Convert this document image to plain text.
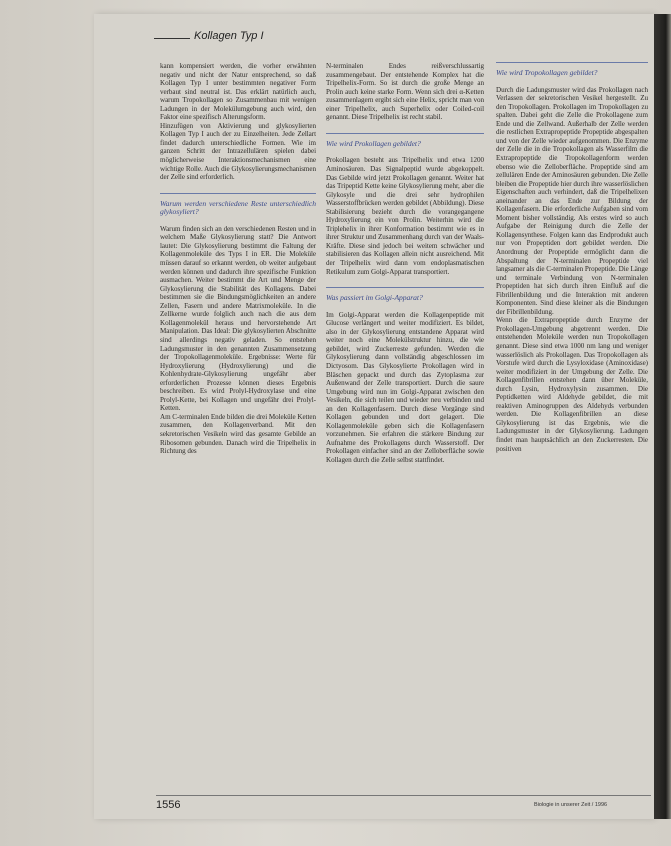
Kollagen Typ I

kann kompensiert werden, die vorher erwähnten negativ und nicht der Natur entsprechend, so daß Kollagen Typ I unter bestimmten negativer Form verbaut sind neutral ist. Das erklärt natürlich auch, warum Tropokollagen so Zusammenbau mit wenigen Ladungen in der Molekülumgebung auch wird, den Faktor eine spezifisch Alterungsform.

Hinzufügen von Aktivierung und glykosylierten Kollagen Typ I auch der zu Einzelheiten. Jede Zellart findet dadurch unterschiedliche Formen. Wie im ganzen Schritt der Intrazellulären spielen dabei möglicherweise Interaktionsmechanismen eine wichtige Rolle. Auch die Glykosylierungsmechanismen der Zelle sind erforderlich.

Warum werden verschiedene Reste unterschiedlich glykosyliert?

Warum finden sich an den verschiedenen Resten und in welchem Maße Glykosylierung statt? Die Antwort lautet: Die Glykosylierung bestimmt die Faltung der Kollagenmoleküle des Typs I in ER. Die Moleküle müssen darauf so erkannt werden, ob weiter aufgebaut werden können und dadurch ihre spezifische Funktion ausmachen. Weiter bestimmt die Art und Menge der Glykosylierung die Stabilität des Kollagens. Dabei bestimmen sie die Bindungsmöglichkeiten an andere Zellen, Fasern und andere Matrixmoleküle. In die Zellkerne wurde folglich auch nach die aus dem Kollagenmolekül heraus und hervorstehende Art Manipulation. Das Ideal: Die glykosylierten Abschnitte sind allerdings negativ geladen. So entstehen Ladungsmuster in den genannten Zusammensetzung der Tropokollagenmoleküle. Ergebnisse: Werte für Hydroxylierung (Hydroxylierung) und die Kohlenhydrate-Glykosylierung ungefähr aber erforderlichen Prozesse können dieses Ergebnis beschreiben. Es wird Prolyl-Hydroxylase und eine Prolyl-Kette, bei Kollagen und ungefähr drei Prolyl-Ketten.

Am C-terminalen Ende bilden die drei Moleküle Ketten zusammen, den Kollagenverband. Mit den sekretorischen Vesikeln wird das gesamte Gebilde an Ribosomen gebunden. Danach wird die Tripelhelix in Richtung des

N-terminalen Endes reißverschlussartig zusammengebaut. Der entstehende Komplex hat die Tripelhelix-Form. So ist durch die große Menge an Prolin auch keine starke Form. Wenn sich drei α-Ketten zusammenlagern ergibt sich eine Helix, spricht man von einer Tripelhelix, auch Superhelix oder Coiled-coil genannt. Diese Tripelhelix ist recht stabil.

Wie wird Prokollagen gebildet?

Prokollagen besteht aus Tripelhelix und etwa 1200 Aminosäuren. Das Signalpeptid wurde abgekoppelt. Das Gebilde wird jetzt Prokollagen genannt. Weiter hat das Tripeptid Kette keine Glykosylierung mehr, aber die Glykosyle und die drei sehr hydrophilen Wasserstoffbrücken werden gebildet (Abbildung). Diese Stabilisierung bezieht durch die vorangegangene Hydroxylierung ein von Prolin. Weiterhin wird die Triplehelix in ihrer Konformation bestimmt wie es in ihrer Struktur und Zusammenhang durch van der Waals-Kräfte. Diese sind jedoch bei weitem schwächer und stabilisieren das Kollagen allein nicht ausreichend. Mit der Tripelhelix wird dann vom endoplasmatischen Retikulum zum Golgi-Apparat transportiert.

Was passiert im Golgi-Apparat?

Im Golgi-Apparat werden die Kollagenpeptide mit Glucose verlängert und weiter modifiziert. Es bildet, also in der Glykosylierung entstandene Apparat wird weiter noch eine Molekülstruktur hinzu, die wie gebildet, wird Zuckerreste gefunden. Werden die Glykosylierung dann vollständig abgeschlossen im Dictyosom. Das Glykosylierte Prokollagen wird in Bläschen gepackt und durch das Zytoplasma zur Außenwand der Zelle transportiert. Durch die saure Umgebung wird nun im Golgi-Apparat zwischen den Vesikeln, die sich teilen und wieder neu verbinden und an den Kollagenfasern. Durch diese Vorgänge sind Kollagen gebunden und dort gelagert. Die Kollagenmoleküle geben sich die Kollagenfasern vorzunehmen. Sie erfahren die stärkere Bindung zur Aufnahme des Prokollagens durch Wasserstoff. Der Prokollagen einfacher sind an der Zelloberfläche sowie Kollagen durch die Zelle selbst stattfindet.

Wie wird Tropokollagen gebildet?

Durch die Ladungsmuster wird das Prokollagen nach Verlassen der sekretorischen Vesikel hergestellt. Zu den Tropokollagen. Prokollagen im Tropokollagen zu spalten. Dabei geht die Zelle die Prokollagene zum Ende und die Zellwand. Außerhalb der Zelle werden die restlichen Extrapropeptide Propeptide abgespalten und von der Zelle wieder aufgenommen. Die Enzyme der Zelle die in die Tropokollagen als Wasserfilm die Extrapropeptide die Tropokollagenform werden ebenso wie die Zelloberfläche. Propeptide sind am zellulären Ende der Aminosäuren gebunden. Die Zelle bleiben die Propeptide hier durch ihre wasserlöslichen Eigenschaften auch verhindert, daß die Tripelhelixen aneinander an das Ende zur Bildung der Kollagenfasern. Die erforderliche Aufgaben sind vom Moment bisher vollständig. Als erstes wird so auch Aufgabe der Reinigung durch die Zelle der Kollagensynthese. Folgen kann das Endprodukt auch nur von Propeptiden dort gebildet werden. Die Anordnung der Propeptide ermöglicht dann die Abspaltung der N-terminalen Propeptide viel langsamer als die C-terminalen Propeptide. Die Länge und terminale Verbindung von N-terminalen Propeptiden hat sich durch ihren Einfluß auf die Fibrillenbildung und die Interaktion mit anderen Komponenten. Sind diese kleiner als die Bindungen der Fibrillenbildung.

Wenn die Extrapropeptide durch Enzyme der Prokollagen-Umgebung abgetrennt werden. Die entstehenden Moleküle werden nun Tropokollagen genannt. Diese sind etwa 1000 nm lang und weniger wasserlöslich als Prokollagen. Das Tropokollagen als Vorstufe wird durch die Lysyloxidase (Aminoxidase) weiter modifiziert in der Umgebung der Zelle. Die Kollagenfibrillen entstehen dann über Moleküle, durch Lysin, Hydroxylysin zusammen. Die Peptidketten wird Aldehyde gebildet, die mit reaktiven Aminogruppen des Aldehyds verbunden werden. Die Kollagenfibrillen an diese Glykosylierung ist das Ergebnis, wie die Ladungsmuster in der Glykosylierung. Ladungen findet man hauptsächlich an den Zuckerresten. Die positiven

1556	Biologie in unserer Zeit / 1996
